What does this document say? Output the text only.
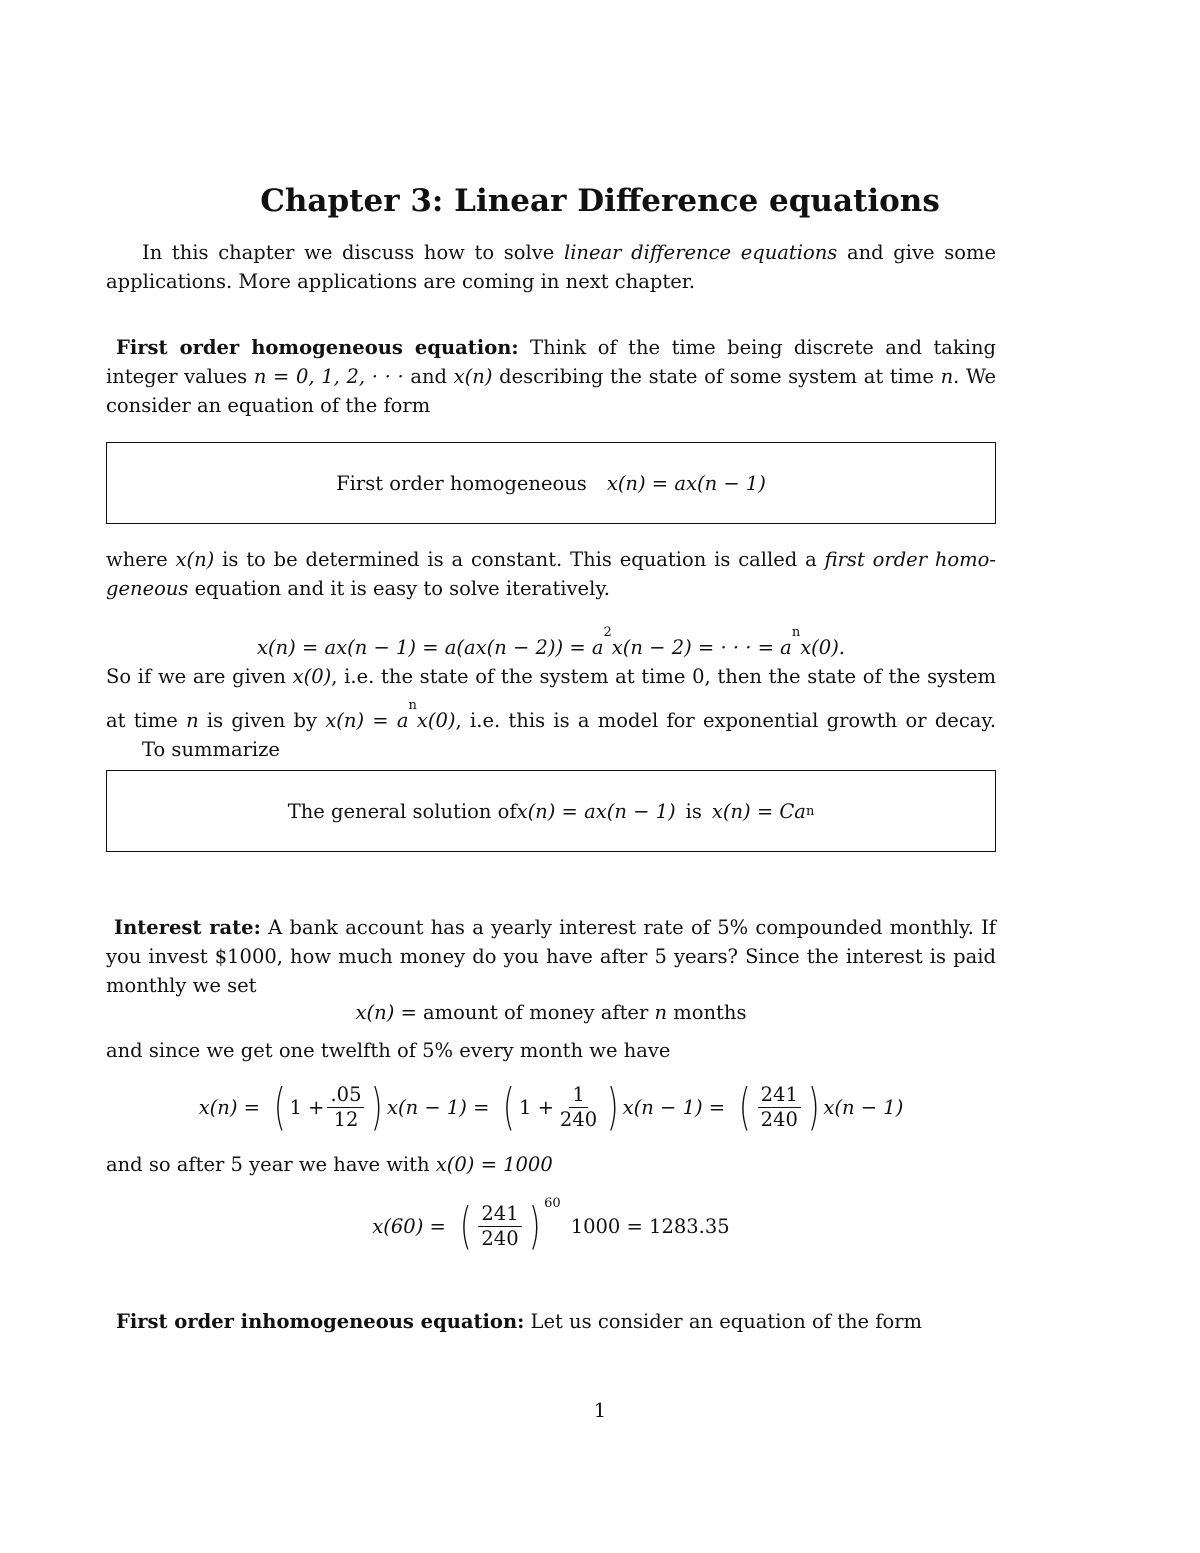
Chapter 3: Linear Difference equations
In this chapter we discuss how to solve linear difference equations and give some
applications. More applications are coming in next chapter.
First order homogeneous equation: Think of the time being discrete and taking
integer values n = 0, 1, 2, · · · and x(n) describing the state of some system at time n. We
consider an equation of the form
First order homogeneous x(n) = ax(n − 1)
where x(n) is to be determined is a constant. This equation is called a first order homo-
geneous equation and it is easy to solve iteratively.
$x(n) = ax(n - 1) = a(ax(n - 2)) = a^2x(n - 2)$ = · · · = $a^nx(0)$.
So if we are given x(0), i.e. the state of the system at time 0, then the state of the system
at time n is given by $x(n) = a^nx(0)$, i.e. this is a model for exponential growth or decay.
To summarize
The general solution of x(n) = ax(n − 1) is x(n) = Ca n
Interest rate: A bank account has a yearly interest rate of 5% compounded monthly. If
you invest $1000, how much money do you have after 5 years? Since the interest is paid
monthly we set
x(n) = amount of money after n months
and since we get one twelfth of 5% every month we have
x(n) = ( $1 + \frac{.05}{12}$ ) x(n − 1) = ( $1 + \frac{1}{240}$ ) x(n − 1) = ( $\frac{241}{240}$ ) x(n − 1)
and so after 5 year we have with x(0) = 1000
x(60) = ( $\frac{241}{240}$ ) 60
1000 = 1283.35
First order inhomogeneous equation: Let us consider an equation of the form
1
